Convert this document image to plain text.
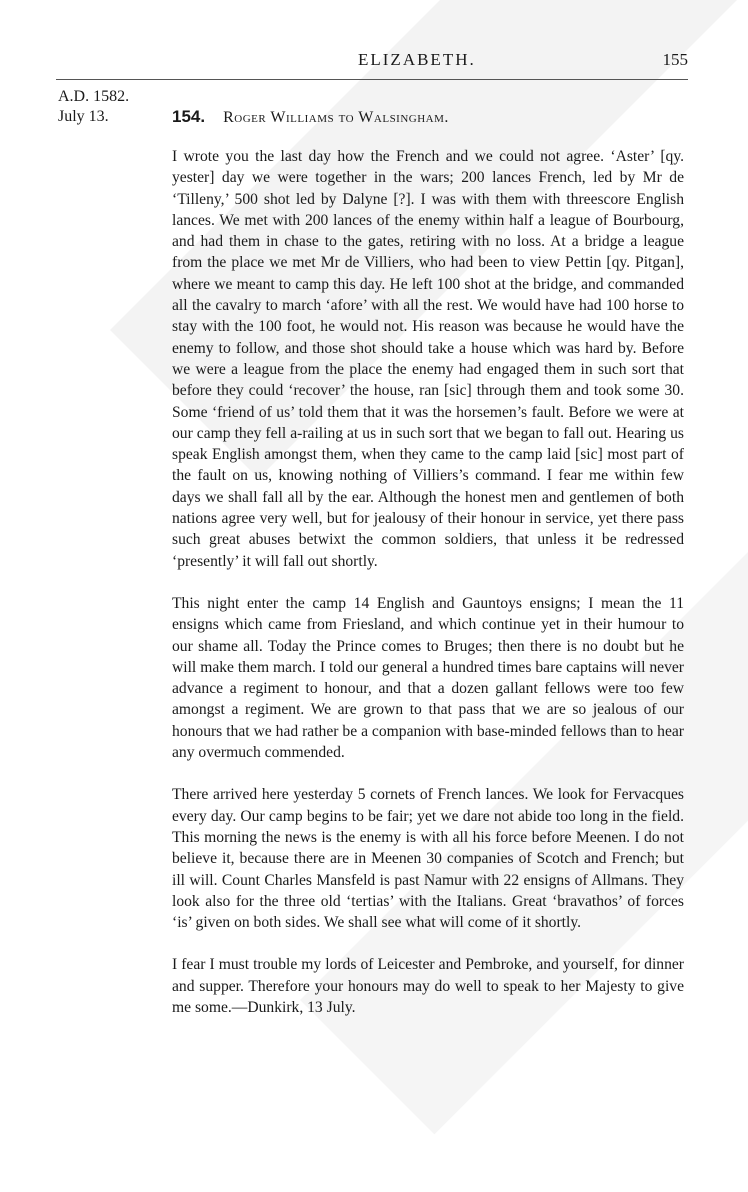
ELIZABETH.	155
A.D. 1582.
July 13.	154. Roger Williams to Walsingham.

I wrote you the last day how the French and we could not agree. ‘Aster’ [qy. yester] day we were together in the wars; 200 lances French, led by Mr de ‘Tilleny,’ 500 shot led by Dalyne [?]. I was with them with threescore English lances. We met with 200 lances of the enemy within half a league of Bourbourg, and had them in chase to the gates, retiring with no loss. At a bridge a league from the place we met Mr de Villiers, who had been to view Pettin [qy. Pitgan], where we meant to camp this day. He left 100 shot at the bridge, and commanded all the cavalry to march ‘afore’ with all the rest. We would have had 100 horse to stay with the 100 foot, he would not. His reason was because he would have the enemy to follow, and those shot should take a house which was hard by. Before we were a league from the place the enemy had engaged them in such sort that before they could ‘recover’ the house, ran [sic] through them and took some 30. Some ‘friend of us’ told them that it was the horsemen’s fault. Before we were at our camp they fell a-railing at us in such sort that we began to fall out. Hearing us speak English amongst them, when they came to the camp laid [sic] most part of the fault on us, knowing nothing of Villiers’s command. I fear me within few days we shall fall all by the ear. Although the honest men and gentlemen of both nations agree very well, but for jealousy of their honour in service, yet there pass such great abuses betwixt the common soldiers, that unless it be redressed ‘presently’ it will fall out shortly.

This night enter the camp 14 English and Gauntoys ensigns; I mean the 11 ensigns which came from Friesland, and which continue yet in their humour to our shame all. Today the Prince comes to Bruges; then there is no doubt but he will make them march. I told our general a hundred times bare captains will never advance a regiment to honour, and that a dozen gallant fellows were too few amongst a regiment. We are grown to that pass that we are so jealous of our honours that we had rather be a companion with base-minded fellows than to hear any overmuch commended.

There arrived here yesterday 5 cornets of French lances. We look for Fervacques every day. Our camp begins to be fair; yet we dare not abide too long in the field. This morning the news is the enemy is with all his force before Meenen. I do not believe it, because there are in Meenen 30 companies of Scotch and French; but ill will. Count Charles Mansfeld is past Namur with 22 ensigns of Allmans. They look also for the three old ‘tertias’ with the Italians. Great ‘bravathos’ of forces ‘is’ given on both sides. We shall see what will come of it shortly.

I fear I must trouble my lords of Leicester and Pembroke, and yourself, for dinner and supper. Therefore your honours may do well to speak to her Majesty to give me some.—Dunkirk, 13 July.
